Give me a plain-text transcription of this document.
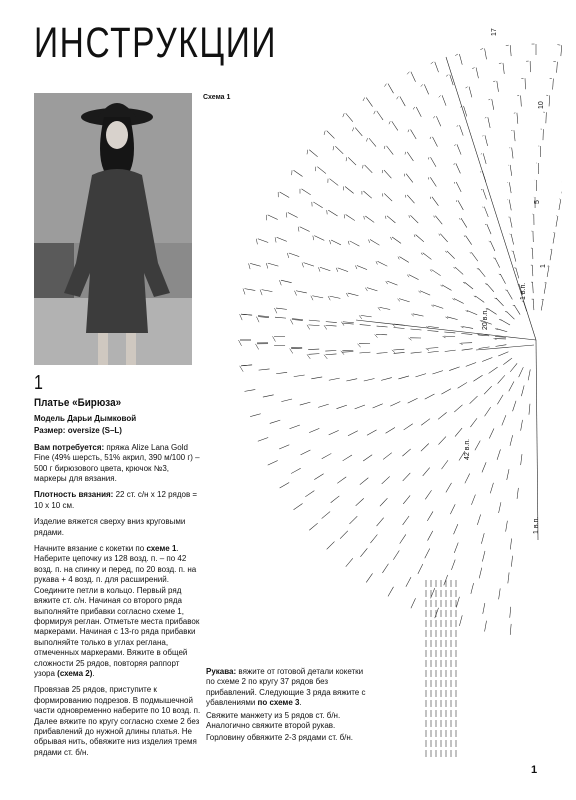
ИНСТРУКЦИИ
Схема 1
17
10
5
1
1 в.п.
20 в.п.
42 в.п.
1 в.п.
1
Платье «Бирюза»

Модель Дарьи Дымковой

Размер: oversize (S–L)

Вам потребуется: пряжа Alize Lana Gold Fine (49% шерсть, 51% акрил, 390 м/100 г) – 500 г бирюзового цвета, крючок №3, маркеры для вязания.

Плотность вязания: 22 ст. с/н х 12 рядов = 10 х 10 см.

Изделие вяжется сверху вниз круговыми рядами.

Начните вязание с кокетки по схеме 1. Наберите цепочку из 128 возд. п. – по 42 возд. п. на спинку и перед, по 20 возд. п. на рукава + 4 возд. п. для расширений. Соедините петли в кольцо. Первый ряд вяжите ст. с/н. Начиная со второго ряда выполняйте прибавки согласно схеме 1, формируя реглан. Отметьте места прибавок маркерами. Начиная с 13-го ряда прибавки выполняйте только в углах реглана, отмеченных маркерами. Вяжите в общей сложности 25 рядов, повторяя раппорт узора (схема 2).

Провязав 25 рядов, приступите к формированию подрезов. В подмышечной части одновременно наберите по 10 возд. п. Далее вяжите по кругу согласно схеме 2 без прибавлений до нужной длины платья. Не обрывая нить, обвяжите низ изделия тремя рядами ст. б/н.

Рукава: вяжите от готовой детали кокетки по схеме 2 по кругу 37 рядов без прибавлений. Следующие 3 ряда вяжите с убавлениями по схеме 3.

Свяжите манжету из 5 рядов ст. б/н. Аналогично свяжите второй рукав.

Горловину обвяжите 2-3 рядами ст. б/н.

1
